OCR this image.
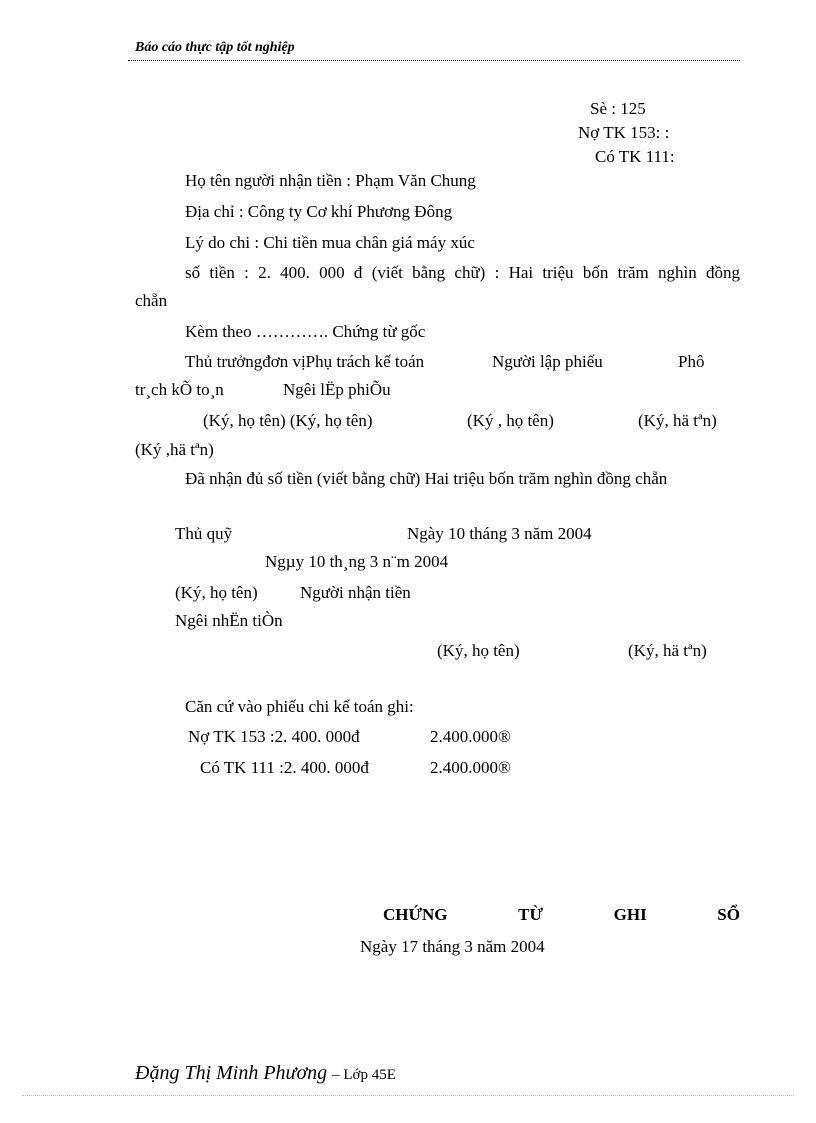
Báo cáo thực tập tốt nghiệp
Sè : 125
Nợ TK 153: :
Có TK 111:
Họ tên người nhận tiền : Phạm Văn Chung
Địa chỉ : Công ty Cơ khí Phương Đông
Lý do chi : Chi tiền mua chân giá máy xúc
số tiền : 2. 400. 000 đ (viết bằng chữ) : Hai triệu bốn trăm nghìn đồng
chẵn
Kèm theo …………. Chứng từ gốc
Thủ trưởngđơn vịPhụ trách kế toán	Người lập phiếu	Phô
tr¸ch kÕ to¸n	Ngêi lËp phiÕu
(Ký, họ tên) (Ký, họ tên)	(Ký , họ tên)	(Ký, hä tªn)
(Ký ,hä tªn)
Đã nhận đủ số tiền (viết bằng chữ) Hai triệu bốn trăm nghìn đồng chẵn
Thủ quỹ	Ngày 10 tháng 3 năm 2004
Ngµy 10 th¸ng 3 n¨m 2004
(Ký, họ tên) Người nhận tiền
Ngêi nhËn tiÒn
(Ký, họ tên)	(Ký, hä tªn)
Căn cứ vào phiếu chi kế toán ghi:
Nợ TK 153 :2. 400. 000đ	2.400.000®
Có TK 111 :2. 400. 000đ	2.400.000®
CHỨNG	TỪ	GHI	SỔ
Ngày 17 tháng 3 năm 2004
Đặng Thị Minh Phương – Lớp 45E
